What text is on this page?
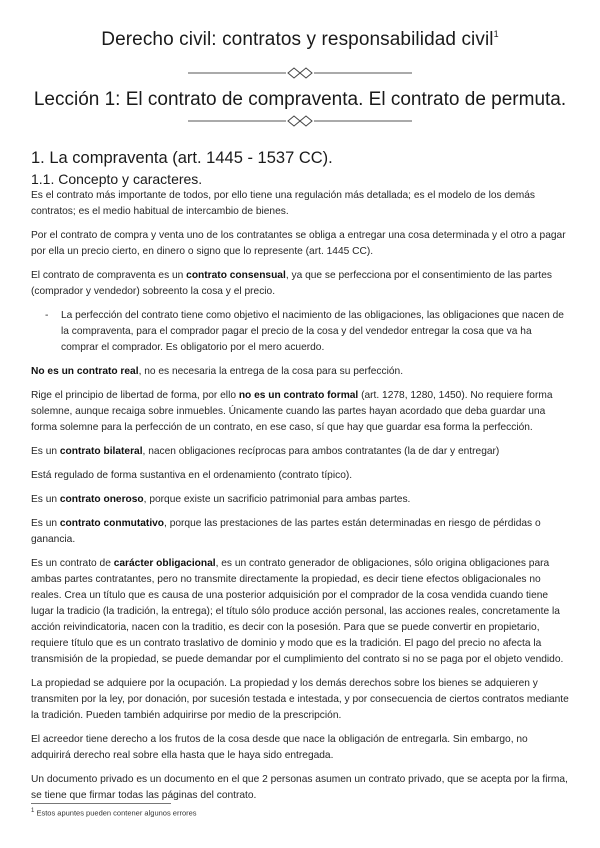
Derecho civil: contratos y responsabilidad civil$^1$
Lección 1: El contrato de compraventa. El contrato de permuta.
1. La compraventa (art. 1445 - 1537 CC).
1.1. Concepto y caracteres.

Es el contrato más importante de todos, por ello tiene una regulación más detallada; es el modelo de los demás contratos; es el medio habitual de intercambio de bienes.

Por el contrato de compra y venta uno de los contratantes se obliga a entregar una cosa determinada y el otro a pagar por ella un precio cierto, en dinero o signo que lo represente (art. 1445 CC).

El contrato de compraventa es un contrato consensual, ya que se perfecciona por el consentimiento de las partes (comprador y vendedor) sobreento la cosa y el precio.

-	La perfección del contrato tiene como objetivo el nacimiento de las obligaciones, las obligaciones que nacen de la compraventa, para el comprador pagar el precio de la cosa y del vendedor entregar la cosa que va ha comprar el comprador. Es obligatorio por el mero acuerdo.

No es un contrato real, no es necesaria la entrega de la cosa para su perfección.

Rige el principio de libertad de forma, por ello no es un contrato formal (art. 1278, 1280, 1450). No requiere forma solemne, aunque recaiga sobre inmuebles. Únicamente cuando las partes hayan acordado que deba guardar una forma solemne para la perfección de un contrato, en ese caso, sí que hay que guardar esa forma la perfección.

Es un contrato bilateral, nacen obligaciones recíprocas para ambos contratantes (la de dar y entregar)

Está regulado de forma sustantiva en el ordenamiento (contrato típico).

Es un contrato oneroso, porque existe un sacrificio patrimonial para ambas partes.

Es un contrato conmutativo, porque las prestaciones de las partes están determinadas en riesgo de pérdidas o ganancia.

Es un contrato de carácter obligacional, es un contrato generador de obligaciones, sólo origina obligaciones para ambas partes contratantes, pero no transmite directamente la propiedad, es decir tiene efectos obligacionales no reales. Crea un título que es causa de una posterior adquisición por el comprador de la cosa vendida cuando tiene lugar la tradicio (la tradición, la entrega); el título sólo produce acción personal, las acciones reales, concretamente la acción reivindicatoria, nacen con la traditio, es decir con la posesión. Para que se puede convertir en propietario, requiere título que es un contrato traslativo de dominio y modo que es la tradición. El pago del precio no afecta la transmisión de la propiedad, se puede demandar por el cumplimiento del contrato si no se paga por el objeto vendido.

La propiedad se adquiere por la ocupación. La propiedad y los demás derechos sobre los bienes se adquieren y transmiten por la ley, por donación, por sucesión testada e intestada, y por consecuencia de ciertos contratos mediante la tradición. Pueden también adquirirse por medio de la prescripción.

El acreedor tiene derecho a los frutos de la cosa desde que nace la obligación de entregarla. Sin embargo, no adquirirá derecho real sobre ella hasta que le haya sido entregada.

Un documento privado es un documento en el que 2 personas asumen un contrato privado, que se acepta por la firma, se tiene que firmar todas las páginas del contrato.

$^1$ Estos apuntes pueden contener algunos errores
